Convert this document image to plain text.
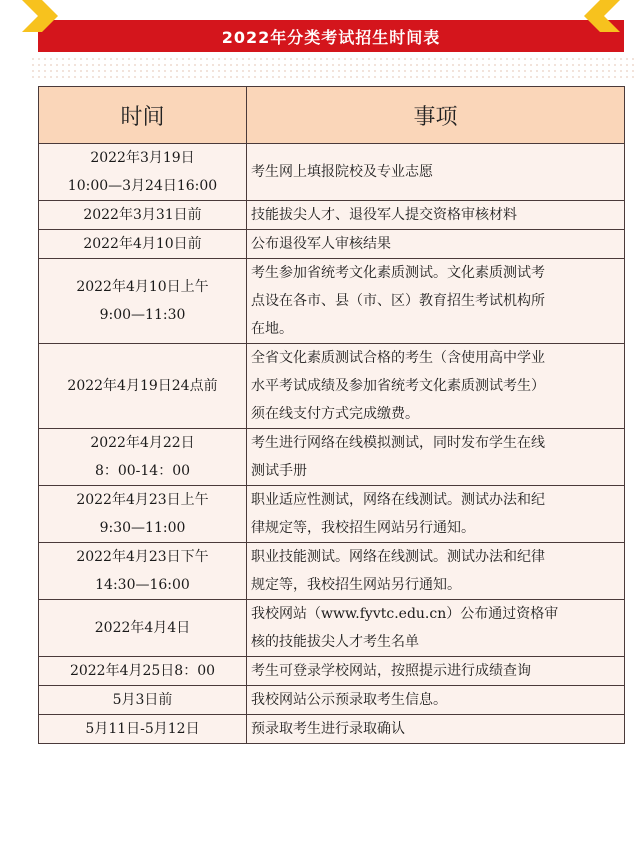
2022年分类考试招生时间表
时间	事项

2022年3月19日
10:00—3月24日16:00	考生网上填报院校及专业志愿

2022年3月31日前	技能拔尖人才、退役军人提交资格审核材料

2022年4月10日前	公布退役军人审核结果

2022年4月10日上午
9:00—11:30	考生参加省统考文化素质测试。文化素质测试考
点设在各市、县（市、区）教育招生考试机构所
在地。

2022年4月19日24点前	全省文化素质测试合格的考生（含使用高中学业
水平考试成绩及参加省统考文化素质测试考生）
须在线支付方式完成缴费。

2022年4月22日
8：00-14：00	考生进行网络在线模拟测试，同时发布学生在线
测试手册

2022年4月23日上午
9:30—11:00	职业适应性测试，网络在线测试。测试办法和纪
律规定等，我校招生网站另行通知。

2022年4月23日下午
14:30—16:00	职业技能测试。网络在线测试。测试办法和纪律
规定等，我校招生网站另行通知。

2022年4月4日	我校网站（www.fyvtc.edu.cn）公布通过资格审
核的技能拔尖人才考生名单

2022年4月25日8：00	考生可登录学校网站，按照提示进行成绩查询

5月3日前	我校网站公示预录取考生信息。

5月11日-5月12日	预录取考生进行录取确认
